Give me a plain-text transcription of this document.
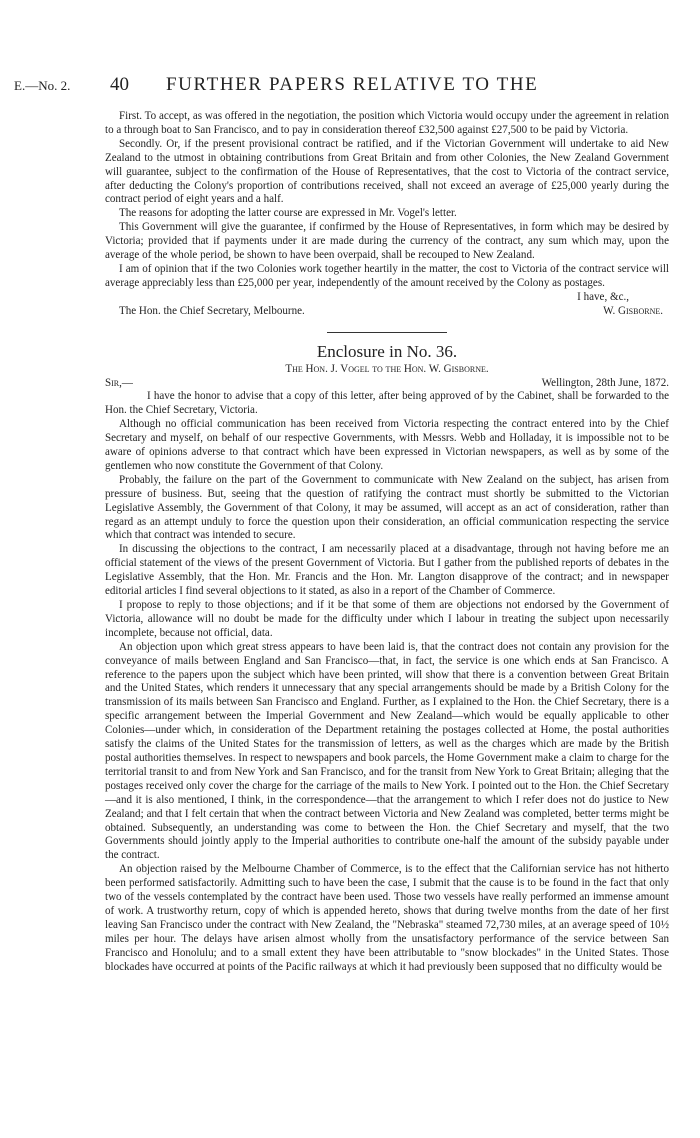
E.—No. 2. 40 FURTHER PAPERS RELATIVE TO THE

First. To accept, as was offered in the negotiation, the position which Victoria would occupy under the agreement in relation to a through boat to San Francisco, and to pay in consideration thereof £32,500 against £27,500 to be paid by Victoria.

Secondly. Or, if the present provisional contract be ratified, and if the Victorian Government will undertake to aid New Zealand to the utmost in obtaining contributions from Great Britain and from other Colonies, the New Zealand Government will guarantee, subject to the confirmation of the House of Representatives, that the cost to Victoria of the contract service, after deducting the Colony's proportion of contributions received, shall not exceed an average of £25,000 yearly during the contract period of eight years and a half.

The reasons for adopting the latter course are expressed in Mr. Vogel's letter.

This Government will give the guarantee, if confirmed by the House of Representatives, in form which may be desired by Victoria; provided that if payments under it are made during the currency of the contract, any sum which may, upon the average of the whole period, be shown to have been overpaid, shall be recouped to New Zealand.

I am of opinion that if the two Colonies work together heartily in the matter, the cost to Victoria of the contract service will average appreciably less than £25,000 per year, independently of the amount received by the Colony as postages.

I have, &c.,
The Hon. the Chief Secretary, Melbourne.	W. Gisborne.
Enclosure in No. 36.
The Hon. J. Vogel to the Hon. W. Gisborne.
Sir,—	Wellington, 28th June, 1872.

I have the honor to advise that a copy of this letter, after being approved of by the Cabinet, shall be forwarded to the Hon. the Chief Secretary, Victoria.

Although no official communication has been received from Victoria respecting the contract entered into by the Chief Secretary and myself, on behalf of our respective Governments, with Messrs. Webb and Holladay, it is impossible not to be aware of opinions adverse to that contract which have been expressed in Victorian newspapers, as well as by some of the gentlemen who now constitute the Government of that Colony.

Probably, the failure on the part of the Government to communicate with New Zealand on the subject, has arisen from pressure of business. But, seeing that the question of ratifying the contract must shortly be submitted to the Victorian Legislative Assembly, the Government of that Colony, it may be assumed, will accept as an act of consideration, rather than regard as an attempt unduly to force the question upon their consideration, an official communication respecting the service which that contract was intended to secure.

In discussing the objections to the contract, I am necessarily placed at a disadvantage, through not having before me an official statement of the views of the present Government of Victoria. But I gather from the published reports of debates in the Legislative Assembly, that the Hon. Mr. Francis and the Hon. Mr. Langton disapprove of the contract; and in newspaper editorial articles I find several objections to it stated, as also in a report of the Chamber of Commerce.

I propose to reply to those objections; and if it be that some of them are objections not endorsed by the Government of Victoria, allowance will no doubt be made for the difficulty under which I labour in treating the subject upon necessarily incomplete, because not official, data.

An objection upon which great stress appears to have been laid is, that the contract does not contain any provision for the conveyance of mails between England and San Francisco—that, in fact, the service is one which ends at San Francisco. A reference to the papers upon the subject which have been printed, will show that there is a convention between Great Britain and the United States, which renders it unnecessary that any special arrangements should be made by a British Colony for the transmission of its mails between San Francisco and England. Further, as I explained to the Hon. the Chief Secretary, there is a specific arrangement between the Imperial Government and New Zealand—which would be equally applicable to other Colonies—under which, in consideration of the Department retaining the postages collected at Home, the postal authorities satisfy the claims of the United States for the transmission of letters, as well as the charges which are made by the British postal authorities themselves. In respect to newspapers and book parcels, the Home Government make a claim to charge for the territorial transit to and from New York and San Francisco, and for the transit from New York to Great Britain; alleging that the postages received only cover the charge for the carriage of the mails to New York. I pointed out to the Hon. the Chief Secretary—and it is also mentioned, I think, in the correspondence—that the arrangement to which I refer does not do justice to New Zealand; and that I felt certain that when the contract between Victoria and New Zealand was completed, better terms might be obtained. Subsequently, an understanding was come to between the Hon. the Chief Secretary and myself, that the two Governments should jointly apply to the Imperial authorities to contribute one-half the amount of the subsidy payable under the contract.

An objection raised by the Melbourne Chamber of Commerce, is to the effect that the Californian service has not hitherto been performed satisfactorily. Admitting such to have been the case, I submit that the cause is to be found in the fact that only two of the vessels contemplated by the contract have been used. Those two vessels have really performed an immense amount of work. A trustworthy return, copy of which is appended hereto, shows that during twelve months from the date of her first leaving San Francisco under the contract with New Zealand, the "Nebraska" steamed 72,730 miles, at an average speed of 10½ miles per hour. The delays have arisen almost wholly from the unsatisfactory performance of the service between San Francisco and Honolulu; and to a small extent they have been attributable to "snow blockades" in the United States. Those blockades have occurred at points of the Pacific railways at which it had previously been supposed that no difficulty would be
